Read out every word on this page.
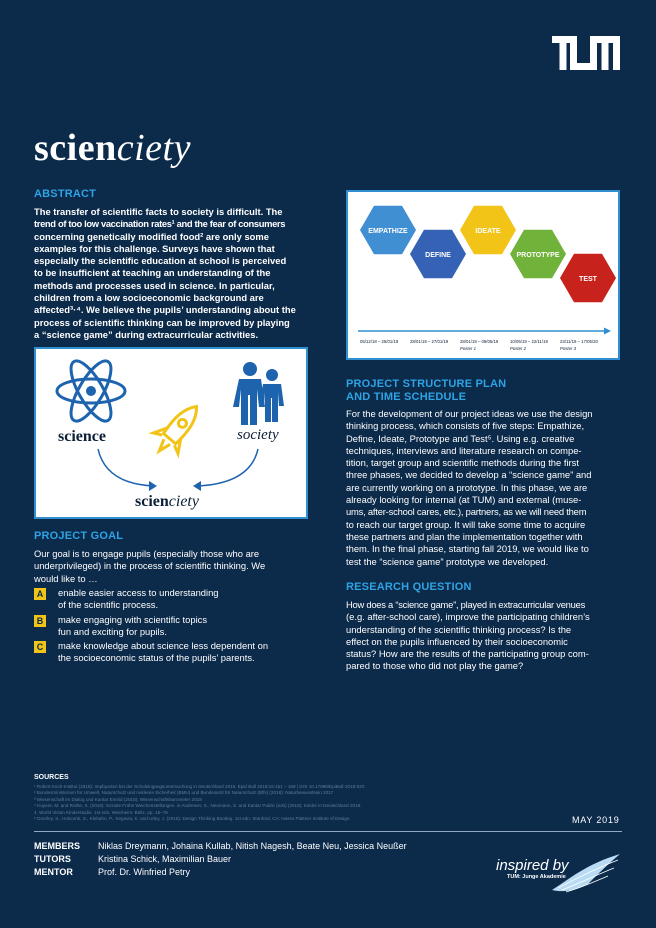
scienciety
ABSTRACT
The transfer of scientific facts to society is difficult. The
trend of too low vaccination rates¹ and the fear of consumers
concerning genetically modified food² are only some
examples for this challenge. Surveys have shown that
especially the scientific education at school is perceived
to be insufficient at teaching an understanding of the
methods and processes used in science. In particular,
children from a low socioeconomic background are
affected³·⁴. We believe the pupils’ understanding about the
process of scientific thinking can be improved by playing
a “science game” during extracurricular activities.
science	society
scienciety
PROJECT GOAL
Our goal is to engage pupils (especially those who are
underprivileged) in the process of scientific thinking. We
would like to …
A enable easier access to understanding
of the scientific process.
B make engaging with scientific topics
fun and exciting for pupils.
C make knowledge about science less dependent on
the socioeconomic status of the pupils’ parents.
EMPATHIZE
DEFINE
IDEATE
PROTOTYPE
TEST
05/12/18 – 25/01/19	28/01/19 – 27/01/19	28/01/19 – 09/05/19
Poster 1
10/05/19 – 22/11/19
Poster 2
23/11/19 – 17/05/20
Poster 3
PROJECT STRUCTURE PLAN
AND TIME SCHEDULE
For the development of our project ideas we use the design
thinking process, which consists of five steps: Empathize,
Define, Ideate, Prototype and Test⁵. Using e.g. creative
techniques, interviews and literature research on compe-
tition, target group and scientific methods during the first
three phases, we decided to develop a “science game” and
are currently working on a prototype. In this phase, we are
already looking for internal (at TUM) and external (muse-
ums, after-school cares, etc.), partners, as we will need them
to reach our target group. It will take some time to acquire
these partners and plan the implementation together with
them. In the final phase, starting fall 2019, we would like to
test the “science game” prototype we developed.
RESEARCH QUESTION
How does a “science game”, played in extracurricular venues
(e.g. after-school care), improve the participating children’s
understanding of the scientific thinking process? Is the
effect on the pupils influenced by their socioeconomic
status? How are the results of the participating group com-
pared to those who did not play the game?
SOURCES
¹ Robert Koch-Institut (2018): Impfquoten bei der Schuleingangsuntersuchung in Deutschland 2016. Epid Bull 2018;16:151 – 158 | DOI 10.17886/EpiBull-2018-020
² Bundesministerium für Umwelt, Naturschutz und nukleare Sicherheit (BMU) und Bundesamt für Naturschutz (BfN) (2018): Naturbewusstsein 2017
³ Wissenschaft im Dialog und Kantar Emnid (2018): Wissenschaftsbarometer 2018
⁴ Kuyere, M. and Rothe, S. (2018): Soziale Frühe Weichenstellungen. in Andresen, S., Neumann, S. and Kantar Public (eds) (2018): Kinder in Deutschland 2018.
4. World Vision Kinderstudie. 1st edn. Weinheim: Beltz, pp. 15–78
⁵ Doorley, S., Holcomb, S., Klebahn, P., Segovia, K. and Utley, J. (2018): Design Thinking Bootleg. 1st edn. Stanford, CA: Hasso Plattner Institute of Design.	MAY 2019
MEMBERS	Niklas Dreymann, Johaina Kullab, Nitish Nagesh, Beate Neu, Jessica Neußer
TUTORS	Kristina Schick, Maximilian Bauer
MENTOR	Prof. Dr. Winfried Petry	inspired by
TUM: Junge Akademie
